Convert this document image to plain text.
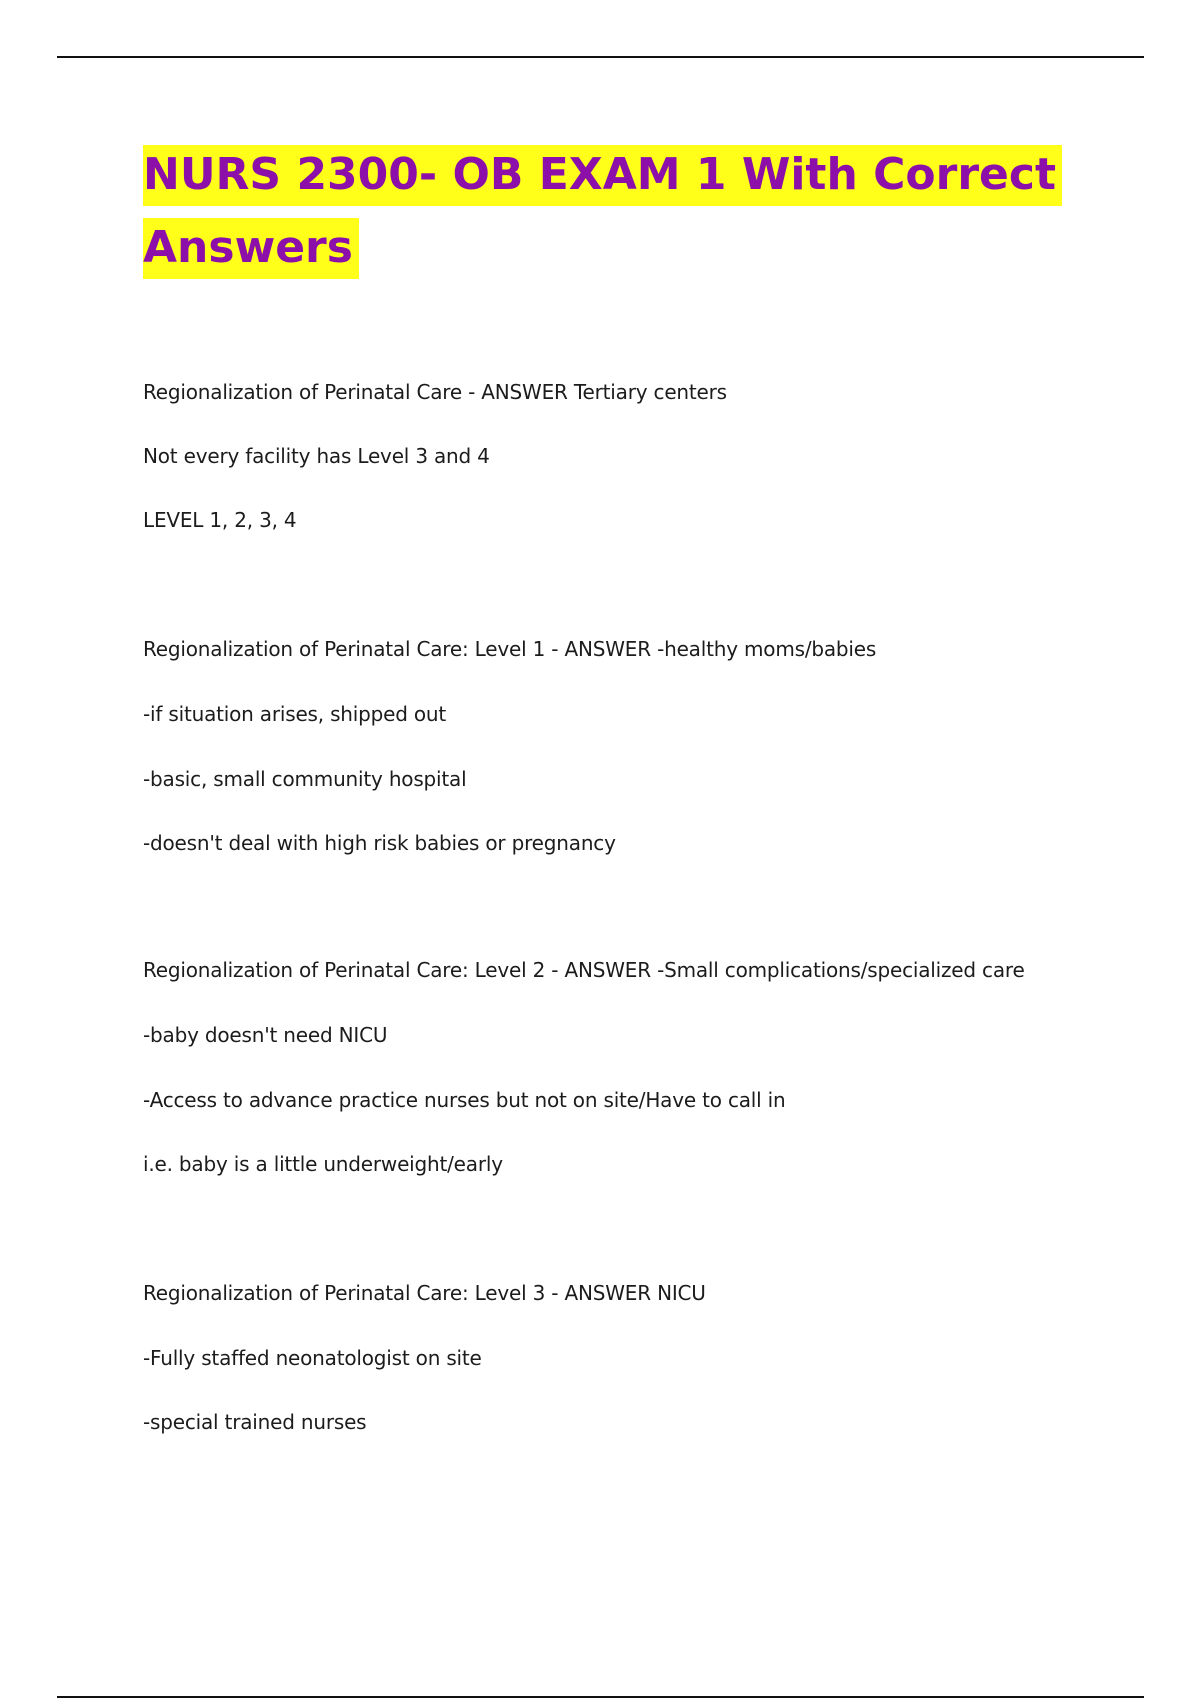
NURS 2300- OB EXAM 1 With Correct Answers

Regionalization of Perinatal Care - ANSWER Tertiary centers

Not every facility has Level 3 and 4

LEVEL 1, 2, 3, 4

Regionalization of Perinatal Care: Level 1 - ANSWER -healthy moms/babies

-if situation arises, shipped out

-basic, small community hospital

-doesn't deal with high risk babies or pregnancy

Regionalization of Perinatal Care: Level 2 - ANSWER -Small complications/specialized care

-baby doesn't need NICU

-Access to advance practice nurses but not on site/Have to call in

i.e. baby is a little underweight/early

Regionalization of Perinatal Care: Level 3 - ANSWER NICU

-Fully staffed neonatologist on site

-special trained nurses
